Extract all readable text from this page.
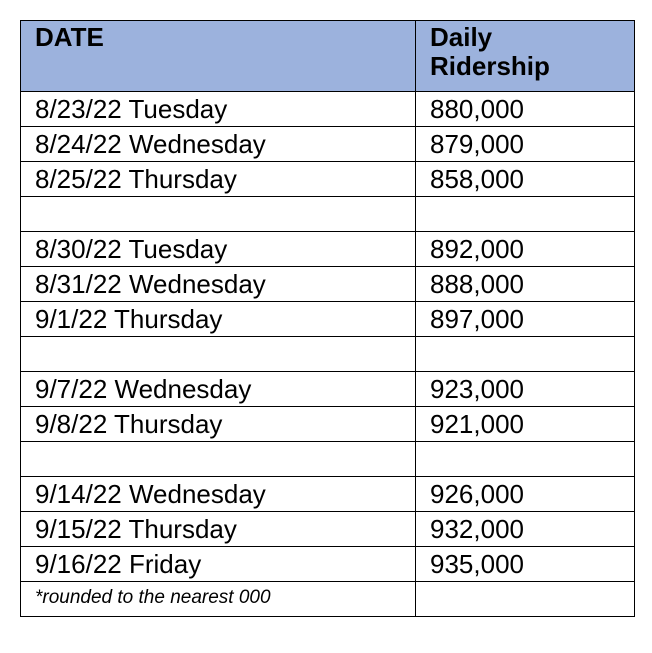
DATE	Daily
Ridership
8/23/22 Tuesday	880,000
8/24/22 Wednesday	879,000
8/25/22 Thursday	858,000

8/30/22 Tuesday	892,000
8/31/22 Wednesday	888,000
9/1/22 Thursday	897,000

9/7/22 Wednesday	923,000
9/8/22 Thursday	921,000

9/14/22 Wednesday	926,000
9/15/22 Thursday	932,000
9/16/22 Friday	935,000
*rounded to the nearest 000	
